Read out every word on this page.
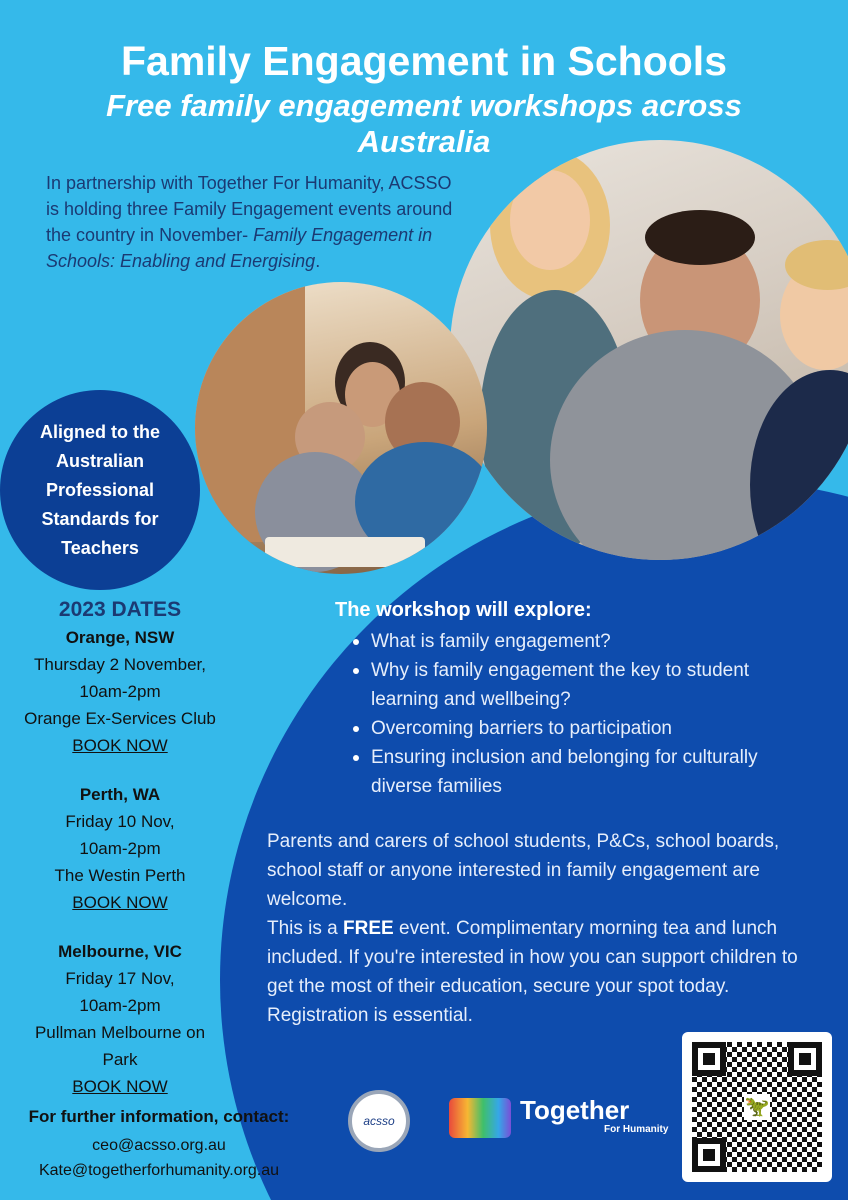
Family Engagement in Schools
Free family engagement workshops across Australia
In partnership with Together For Humanity, ACSSO is holding three Family Engagement events around the country in November- Family Engagement in Schools: Enabling and Energising.
Aligned to the Australian Professional Standards for Teachers
2023 DATES
Orange, NSW
Thursday 2 November,
10am-2pm
Orange Ex-Services Club
BOOK NOW
Perth, WA
Friday 10 Nov,
10am-2pm
The Westin Perth
BOOK NOW
Melbourne, VIC
Friday 17 Nov,
10am-2pm
Pullman Melbourne on Park
BOOK NOW
For further information, contact:
ceo@acsso.org.au
Kate@togetherforhumanity.org.au
The workshop will explore:
What is family engagement?
Why is family engagement the key to student learning and wellbeing?
Overcoming barriers to participation
Ensuring inclusion and belonging for culturally diverse families
Parents and carers of school students, P&Cs, school boards, school staff or anyone interested in family engagement are welcome.
This is a FREE event. Complimentary morning tea and lunch included. If you're interested in how you can support children to get the most of their education, secure your spot today. Registration is essential.
acsso	Together
For Humanity
🦖
